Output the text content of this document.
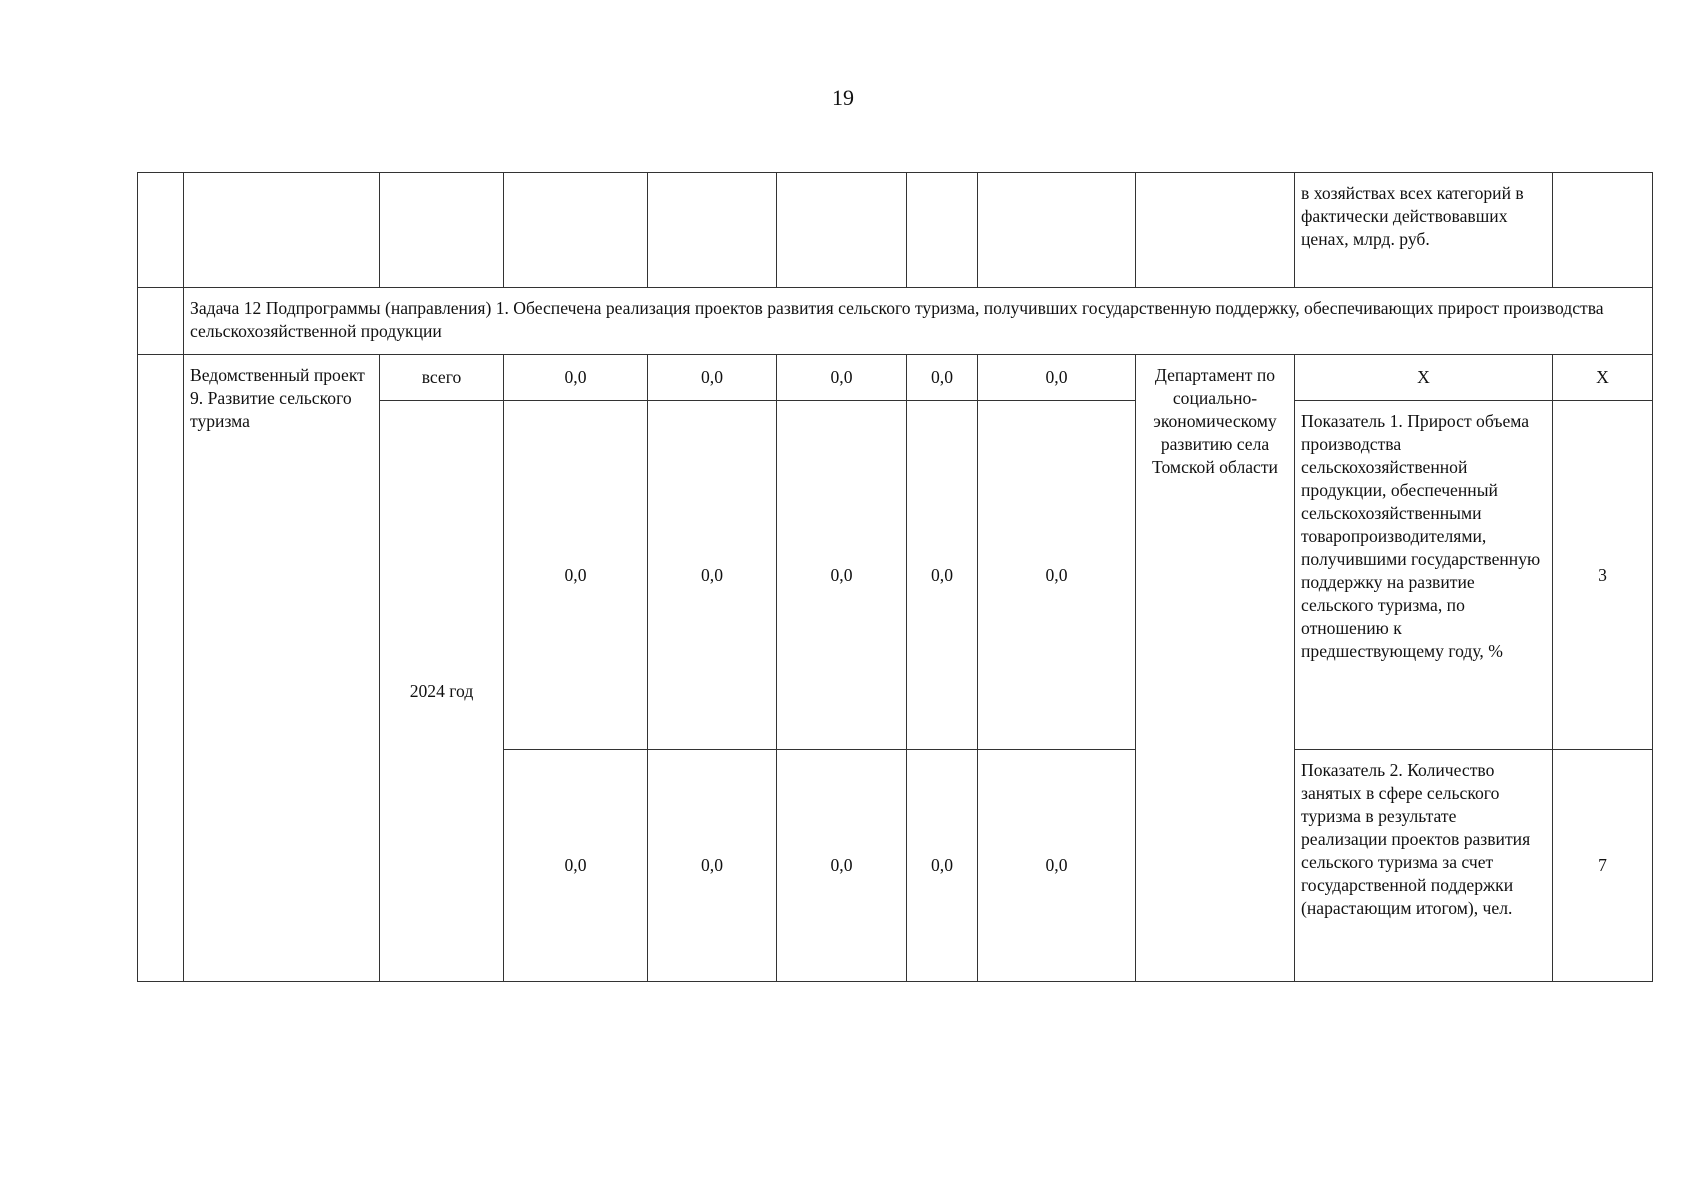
19
									в хозяйствах всех категорий в фактически действовавших ценах, млрд. руб.	
	Задача 12 Подпрограммы (направления) 1. Обеспечена реализация проектов развития сельского туризма, получивших государственную поддержку, обеспечивающих прирост производства сельскохозяйственной продукции									
	Ведомственный проект 9. Развитие сельского туризма	всего	0,0	0,0	0,0	0,0	0,0	Департамент по социально-экономическому развитию села Томской области	Х	Х
		2024 год	0,0	0,0	0,0	0,0	0,0		Показатель 1. Прирост объема производства сельскохозяйственной продукции, обеспеченный сельскохозяйственными товаропроизводителями, получившими государственную поддержку на развитие сельского туризма, по отношению к предшествующему году, %	3
			0,0	0,0	0,0	0,0	0,0		Показатель 2. Количество занятых в сфере сельского туризма в результате реализации проектов развития сельского туризма за счет государственной поддержки (нарастающим итогом), чел.	7
